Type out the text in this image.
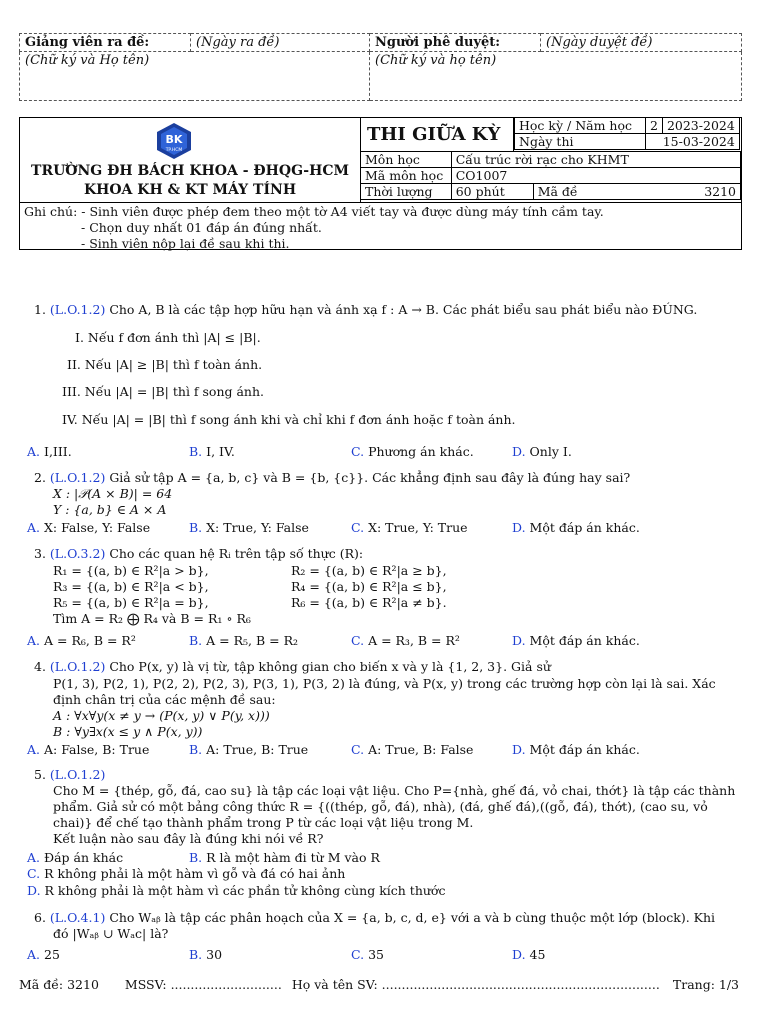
Giảng viên ra đề:	(Ngày ra đề)	Người phê duyệt:	(Ngày duyệt đề)
(Chữ ký và Họ tên)		(Chữ ký và họ tên)	
BK
TP.HCM
TRƯỜNG ĐH BÁCH KHOA - ĐHQG-HCM
KHOA KH & KT MÁY TÍNH
THI GIỮA KỲ	Học kỳ / Năm học	2	2023-2024
Ngày thi	15-03-2024	
Môn học	Cấu trúc rời rạc cho KHMT	
Mã môn học	CO1007	
Thời lượng	60 phút	Mã đề 3210
Ghi chú: - Sinh viên được phép đem theo một tờ A4 viết tay và được dùng máy tính cầm tay.
- Chọn duy nhất 01 đáp án đúng nhất.
- Sinh viên nộp lại đề sau khi thi.
1. (L.O.1.2) Cho A, B là các tập hợp hữu hạn và ánh xạ f : A → B. Các phát biểu sau phát biểu nào ĐÚNG.
I. Nếu f đơn ánh thì |A| ≤ |B|.
II. Nếu |A| ≥ |B| thì f toàn ánh.
III. Nếu |A| = |B| thì f song ánh.
IV. Nếu |A| = |B| thì f song ánh khi và chỉ khi f đơn ánh hoặc f toàn ánh.
A. I,III.	B. I, IV.	C. Phương án khác.	D. Only I.
2. (L.O.1.2) Giả sử tập A = {a, b, c} và B = {b, {c}}. Các khẳng định sau đây là đúng hay sai?
X : |𝒫(A × B)| = 64
Y : {a, b} ∈ A × A
A. X: False, Y: False	B. X: True, Y: False	C. X: True, Y: True	D. Một đáp án khác.
3. (L.O.3.2) Cho các quan hệ Rᵢ trên tập số thực (R):
R₁ = {(a, b) ∈ R²|a > b},	R₂ = {(a, b) ∈ R²|a ≥ b},
R₃ = {(a, b) ∈ R²|a < b},	R₄ = {(a, b) ∈ R²|a ≤ b},
R₅ = {(a, b) ∈ R²|a = b},	R₆ = {(a, b) ∈ R²|a ≠ b}.
Tìm A = R₂ ⨁ R₄ và B = R₁ ∘ R₆
A. A = R₆, B = R²	B. A = R₅, B = R₂	C. A = R₃, B = R²	D. Một đáp án khác.
4. (L.O.1.2) Cho P(x, y) là vị từ, tập không gian cho biến x và y là {1, 2, 3}. Giả sử
P(1, 3), P(2, 1), P(2, 2), P(2, 3), P(3, 1), P(3, 2) là đúng, và P(x, y) trong các trường hợp còn lại là sai. Xác
định chân trị của các mệnh đề sau:
A : ∀x∀y(x ≠ y → (P(x, y) ∨ P(y, x)))
B : ∀y∃x(x ≤ y ∧ P(x, y))
A. A: False, B: True	B. A: True, B: True	C. A: True, B: False	D. Một đáp án khác.
5. (L.O.1.2)
Cho M = {thép, gỗ, đá, cao su} là tập các loại vật liệu. Cho P={nhà, ghế đá, vỏ chai, thớt} là tập các thành
phẩm. Giả sử có một bảng công thức R = {((thép, gỗ, đá), nhà), (đá, ghế đá),((gỗ, đá), thớt), (cao su, vỏ
chai)} để chế tạo thành phẩm trong P từ các loại vật liệu trong M.
Kết luận nào sau đây là đúng khi nói về R?
A. Đáp án khác	B. R là một hàm đi từ M vào R
C. R không phải là một hàm vì gỗ và đá có hai ảnh
D. R không phải là một hàm vì các phần tử không cùng kích thước
6. (L.O.4.1) Cho Wₐᵦ là tập các phân hoạch của X = {a, b, c, d, e} với a và b cùng thuộc một lớp (block). Khi
đó |Wₐᵦ ∪ Wₐc| là?
A. 25	B. 30	C. 35	D. 45
Mã đề: 3210 MSSV: ............................ Họ và tên SV: ...................................................................... Trang: 1/3
